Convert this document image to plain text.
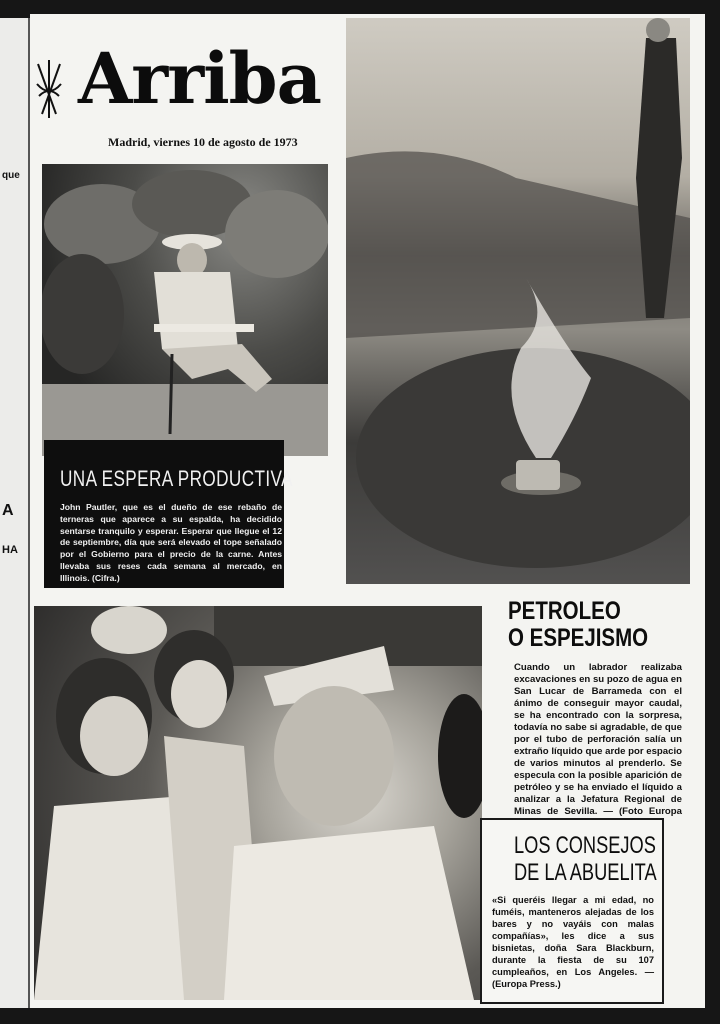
que
A
HA
Arriba
Madrid, viernes 10 de agosto de 1973
UNA ESPERA PRODUCTIVA

John Pautler, que es el dueño de ese rebaño de terneras que aparece a su espalda, ha decidido sentarse tranquilo y esperar. Esperar que llegue el 12 de septiembre, día que será elevado el tope señalado por el Gobierno para el precio de la carne. Antes llevaba sus reses cada semana al mercado, en Illinois. (Cifra.)

PETROLEO
O ESPEJISMO

Cuando un labrador realizaba excavaciones en su pozo de agua en San Lucar de Barrameda con el ánimo de conseguir mayor caudal, se ha encontrado con la sorpresa, todavía no sabe si agradable, de que por el tubo de perforación salía un extraño líquido que arde por espacio de varios minutos al prenderlo. Se especula con la posible aparición de petróleo y se ha enviado el líquido a analizar a la Jefatura Regional de Minas de Sevilla. — (Foto Europa

LOS CONSEJOS
DE LA ABUELITA

«Si queréis llegar a mi edad, no fuméis, manteneros alejadas de los bares y no vayáis con malas compañías», les dice a sus bisnietas, doña Sara Blackburn, durante la fiesta de su 107 cumpleaños, en Los Angeles. — (Europa Press.)
